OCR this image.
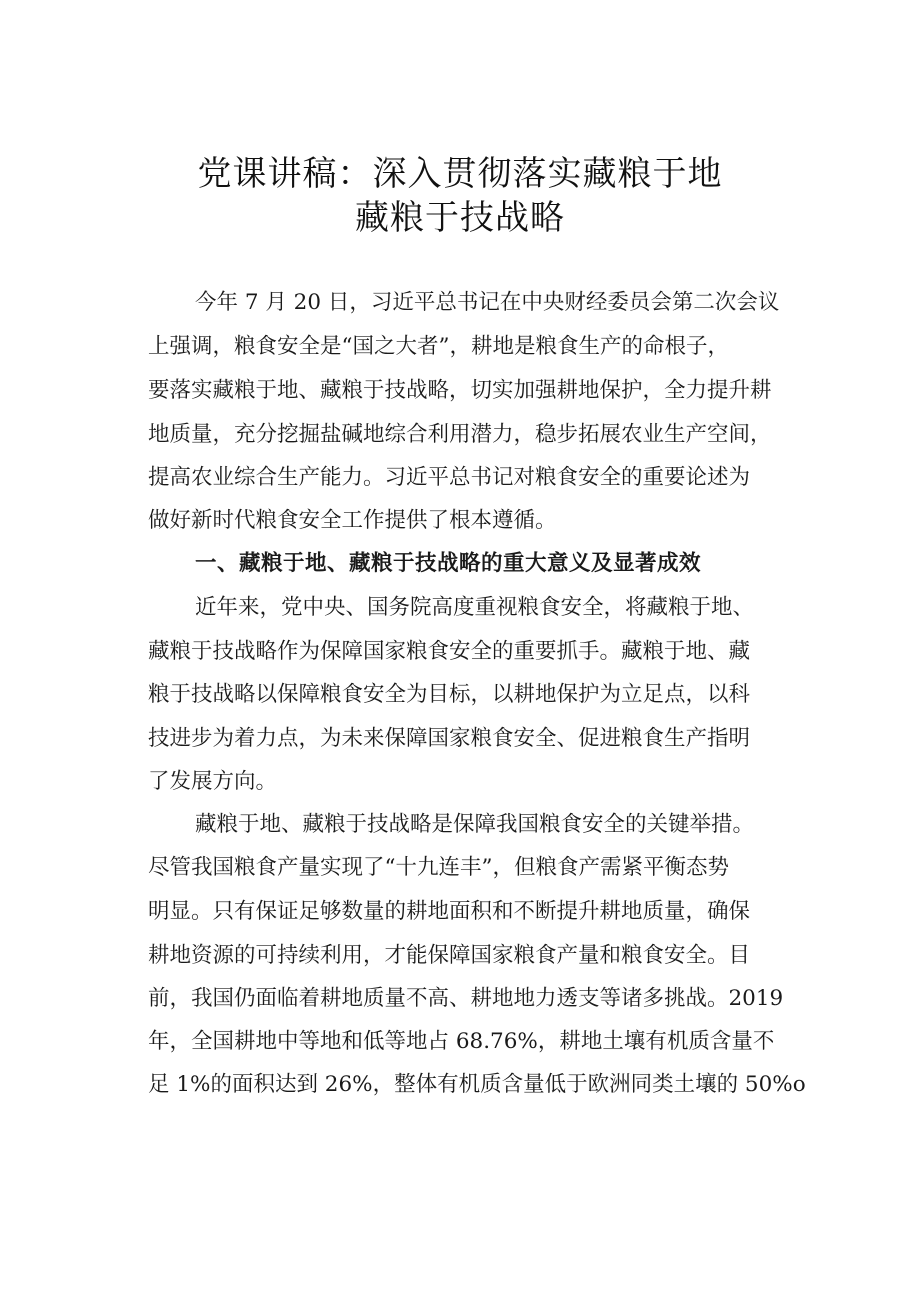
党课讲稿：深入贯彻落实藏粮于地
藏粮于技战略
今年 7 月 20 日，习近平总书记在中央财经委员会第二次会议
上强调，粮食安全是“国之大者”，耕地是粮食生产的命根子，
要落实藏粮于地、藏粮于技战略，切实加强耕地保护，全力提升耕
地质量，充分挖掘盐碱地综合利用潜力，稳步拓展农业生产空间，
提高农业综合生产能力。习近平总书记对粮食安全的重要论述为
做好新时代粮食安全工作提供了根本遵循。
一、藏粮于地、藏粮于技战略的重大意义及显著成效
近年来，党中央、国务院高度重视粮食安全，将藏粮于地、
藏粮于技战略作为保障国家粮食安全的重要抓手。藏粮于地、藏
粮于技战略以保障粮食安全为目标，以耕地保护为立足点，以科
技进步为着力点，为未来保障国家粮食安全、促进粮食生产指明
了发展方向。
藏粮于地、藏粮于技战略是保障我国粮食安全的关键举措。
尽管我国粮食产量实现了“十九连丰”，但粮食产需紧平衡态势
明显。只有保证足够数量的耕地面积和不断提升耕地质量，确保
耕地资源的可持续利用，才能保障国家粮食产量和粮食安全。目
前，我国仍面临着耕地质量不高、耕地地力透支等诸多挑战。2019
年，全国耕地中等地和低等地占 68.76%，耕地土壤有机质含量不
足 1%的面积达到 26%，整体有机质含量低于欧洲同类土壤的 50%o
